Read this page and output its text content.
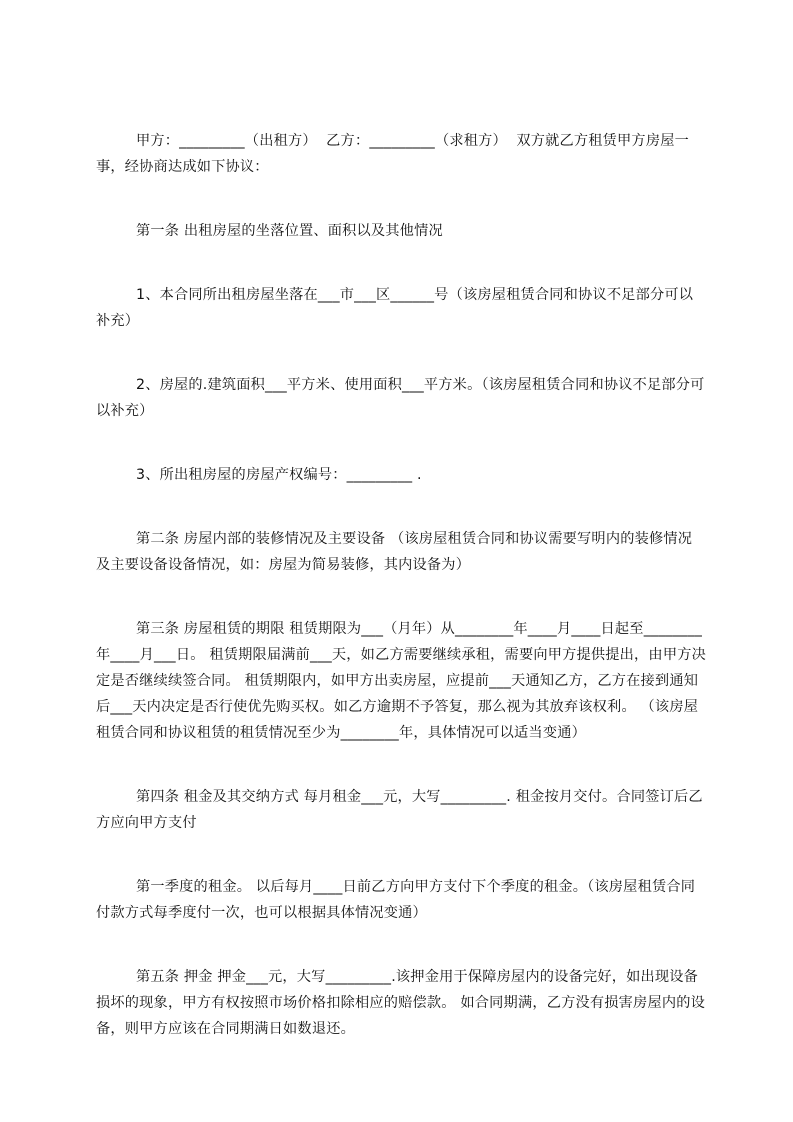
甲方：_________（出租方）  乙方：_________（求租方）  双方就乙方租赁甲方房屋一事，经协商达成如下协议：

第一条 出租房屋的坐落位置、面积以及其他情况

1、本合同所出租房屋坐落在___市___区______号（该房屋租赁合同和协议不足部分可以补充）

2、房屋的.建筑面积___平方米、使用面积___平方米。（该房屋租赁合同和协议不足部分可以补充）

3、所出租房屋的房屋产权编号：_________ .

第二条 房屋内部的装修情况及主要设备 （该房屋租赁合同和协议需要写明内的装修情况及主要设备设备情况，如：房屋为简易装修，其内设备为）

第三条 房屋租赁的期限 租赁期限为___（月年）从________年____月____日起至________年____月___日。 租赁期限届满前___天，如乙方需要继续承租，需要向甲方提供提出，由甲方决定是否继续续签合同。 租赁期限内，如甲方出卖房屋，应提前___天通知乙方，乙方在接到通知后___天内决定是否行使优先购买权。如乙方逾期不予答复，那么视为其放弃该权利。 （该房屋租赁合同和协议租赁的租赁情况至少为________年，具体情况可以适当变通）

第四条 租金及其交纳方式 每月租金___元，大写_________. 租金按月交付。合同签订后乙方应向甲方支付

第一季度的租金。 以后每月____日前乙方向甲方支付下个季度的租金。（该房屋租赁合同付款方式每季度付一次，也可以根据具体情况变通）

第五条 押金 押金___元，大写_________.该押金用于保障房屋内的设备完好，如出现设备损坏的现象，甲方有权按照市场价格扣除相应的赔偿款。 如合同期满，乙方没有损害房屋内的设备，则甲方应该在合同期满日如数退还。
